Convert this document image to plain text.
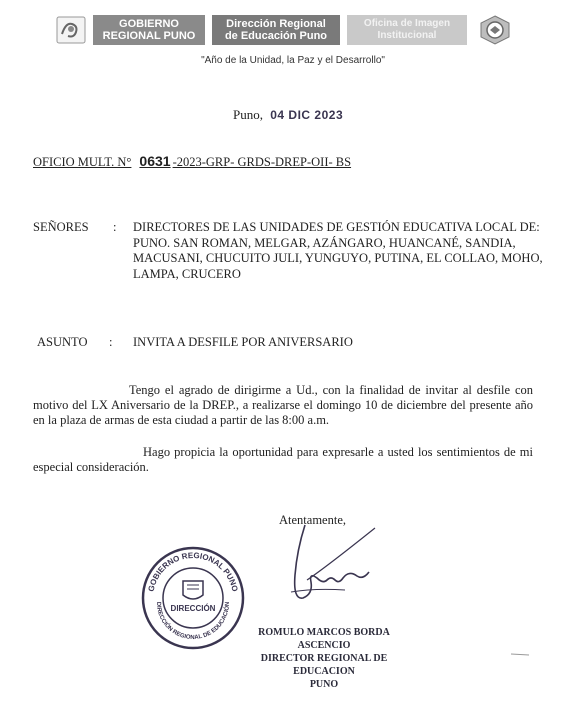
GOBIERNO
REGIONAL PUNO
Dirección Regional
de Educación Puno
Oficina de Imagen
Institucional
"Año de la Unidad, la Paz y el Desarrollo"
Puno, 04 DIC 2023
OFICIO MULT. N° 0631 -2023-GRP- GRDS-DREP-OII- BS
SEÑORES	: DIRECTORES DE LAS UNIDADES DE GESTIÓN EDUCATIVA LOCAL DE: PUNO. SAN ROMAN, MELGAR, AZÁNGARO, HUANCANÉ, SANDIA, MACUSANI, CHUCUITO JULI, YUNGUYO, PUTINA, EL COLLAO, MOHO, LAMPA, CRUCERO
ASUNTO	: INVITA A DESFILE POR ANIVERSARIO

Tengo el agrado de dirigirme a Ud., con la finalidad de invitar al desfile con motivo del LX Aniversario de la DREP., a realizarse el domingo 10 de diciembre del presente año en la plaza de armas de esta ciudad a partir de las 8:00 a.m.

Hago propicia la oportunidad para expresarle a usted los sentimientos de mi especial consideración.

Atentamente,
GOBIERNO REGIONAL PUNO
DIRECCIÓN REGIONAL DE EDUCACIÓN
DIRECCIÓN
ROMULO MARCOS BORDA ASCENCIO
DIRECTOR REGIONAL DE EDUCACION
PUNO
